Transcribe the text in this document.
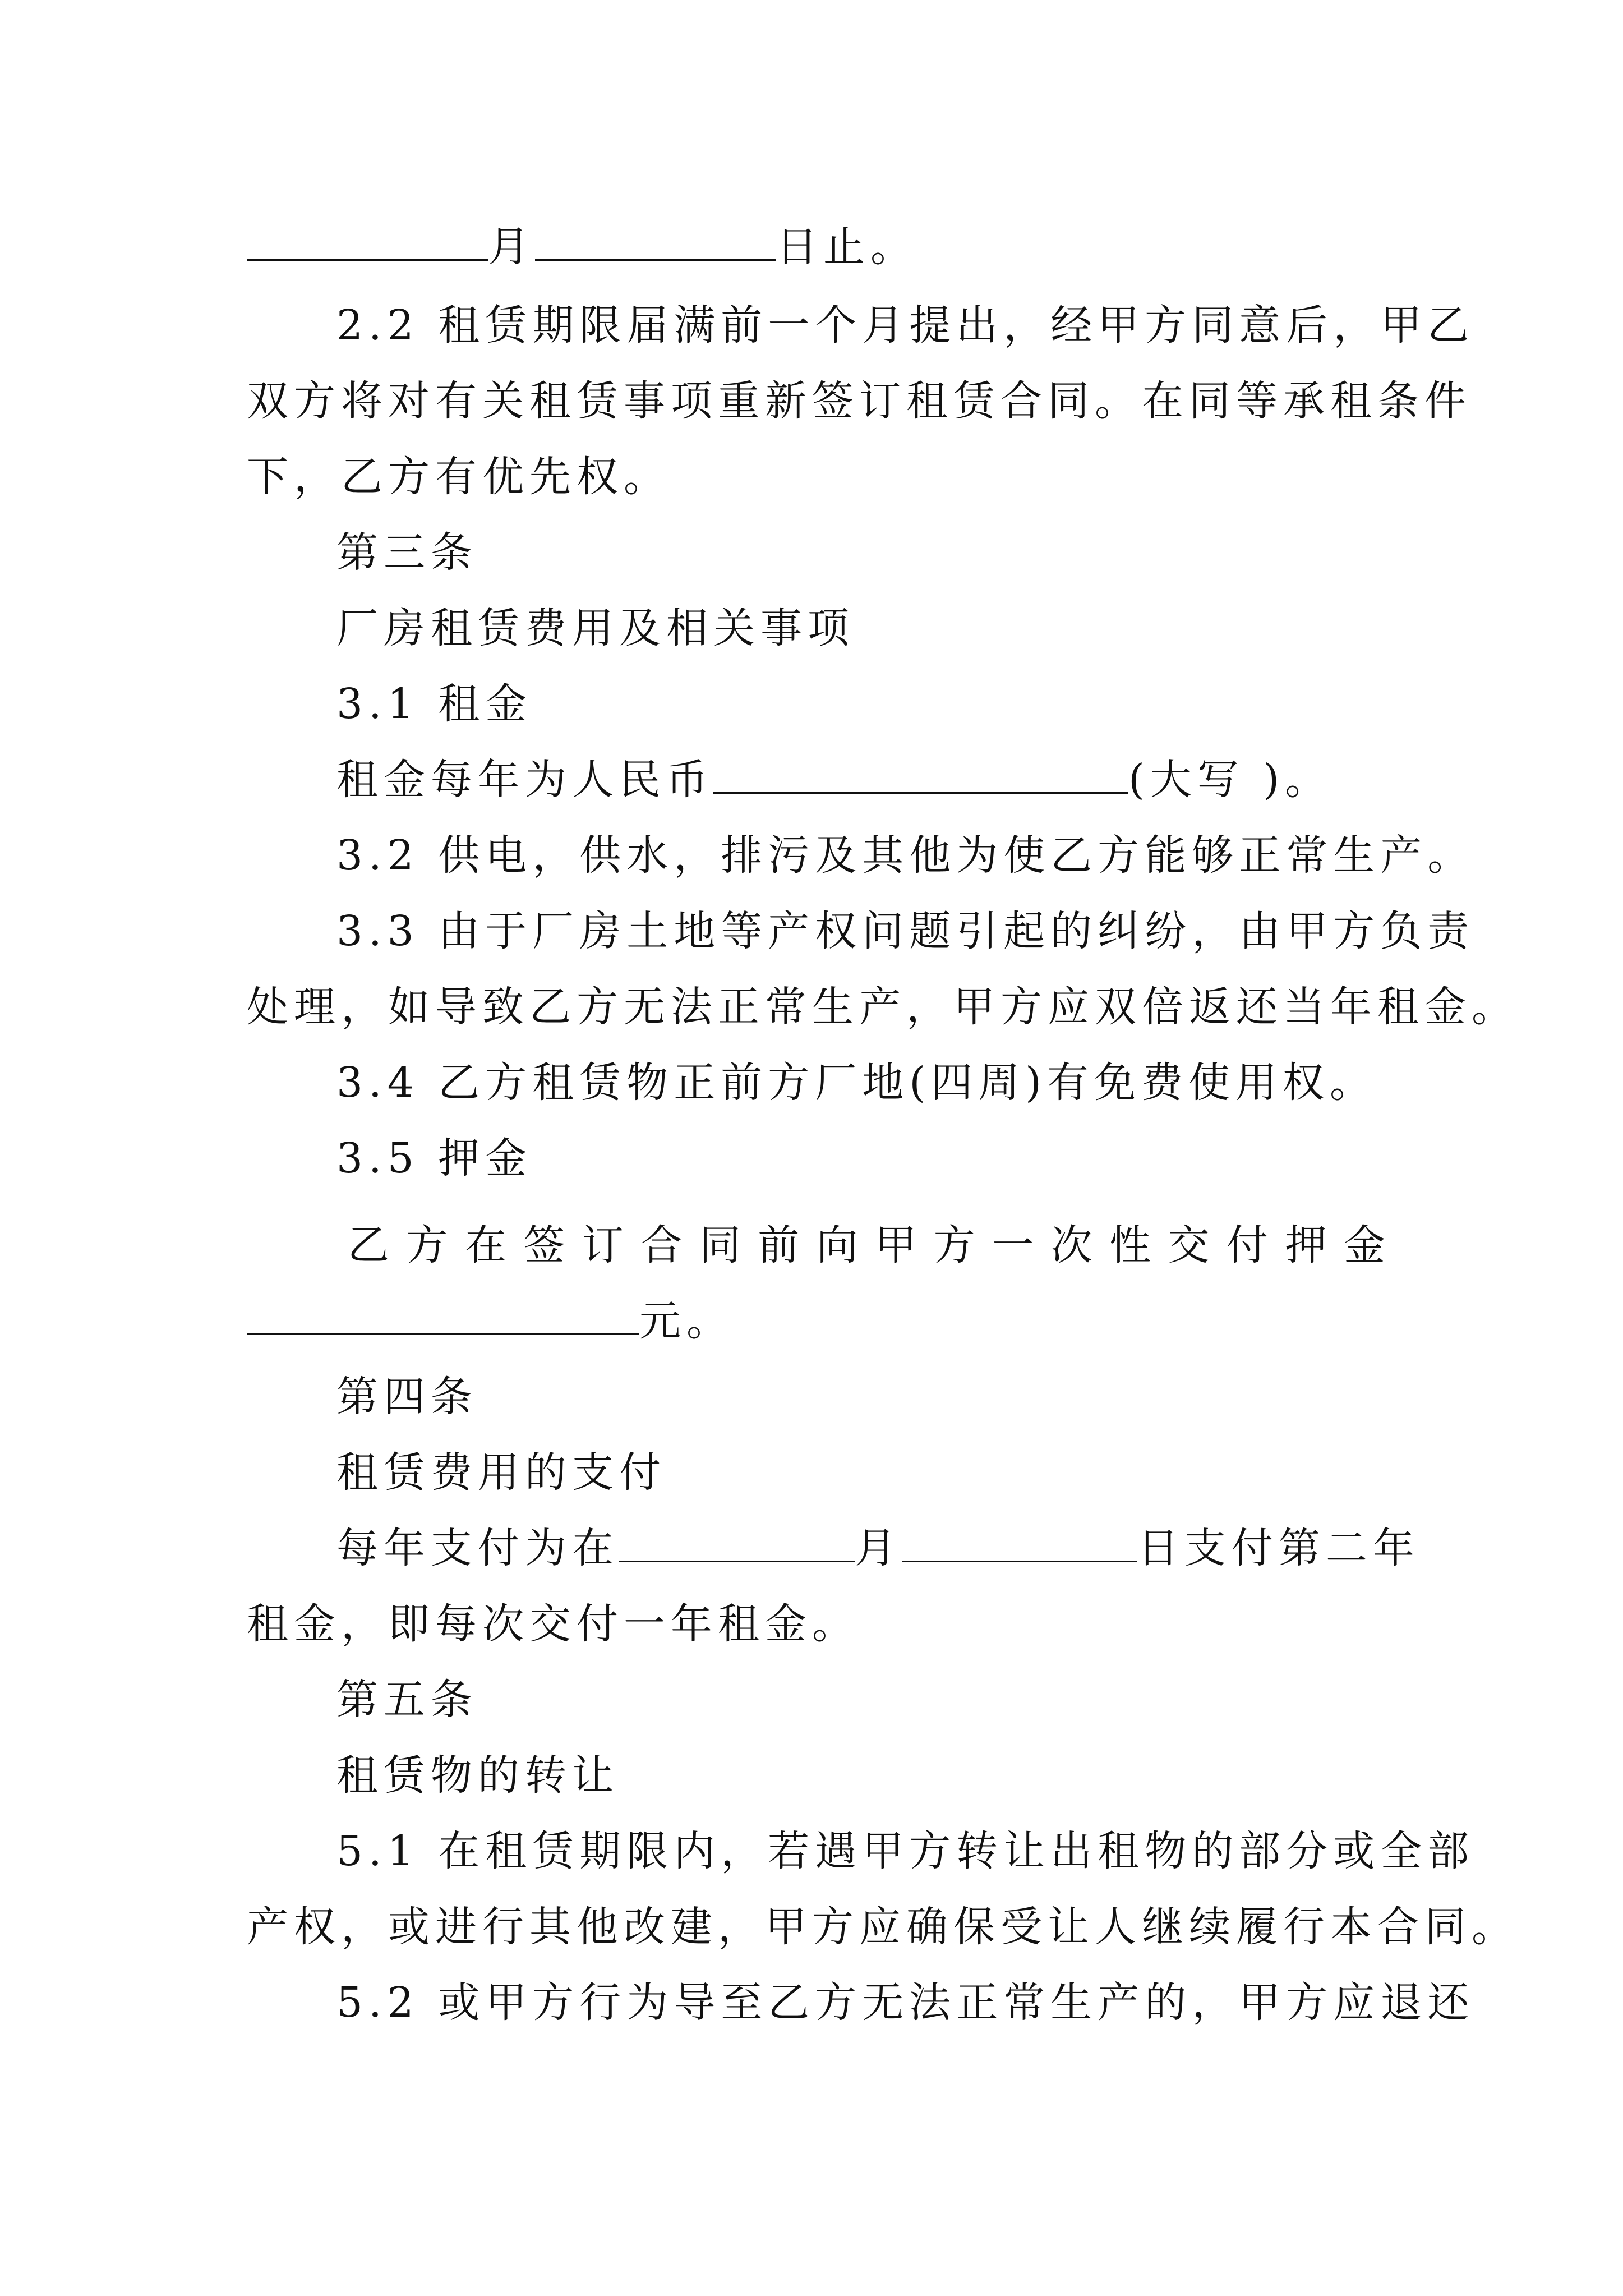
月	日止。
2.2 租赁期限届满前一个月提出，经甲方同意后，甲乙
双方将对有关租赁事项重新签订租赁合同。在同等承租条件
下，乙方有优先权。
第三条
厂房租赁费用及相关事项
3.1 租金
租金每年为人民币	(大写 )。
3.2 供电，供水，排污及其他为使乙方能够正常生产。
3.3 由于厂房土地等产权问题引起的纠纷，由甲方负责
处理，如导致乙方无法正常生产，甲方应双倍返还当年租金。
3.4 乙方租赁物正前方厂地(四周)有免费使用权。
3.5 押金
乙 方 在 签 订 合 同 前 向 甲 方 一 次 性 交 付 押 金
元。
第四条
租赁费用的支付
每年支付为在	月	日支付第二年
租金，即每次交付一年租金。
第五条
租赁物的转让
5.1 在租赁期限内，若遇甲方转让出租物的部分或全部
产权，或进行其他改建，甲方应确保受让人继续履行本合同。
5.2 或甲方行为导至乙方无法正常生产的，甲方应退还
